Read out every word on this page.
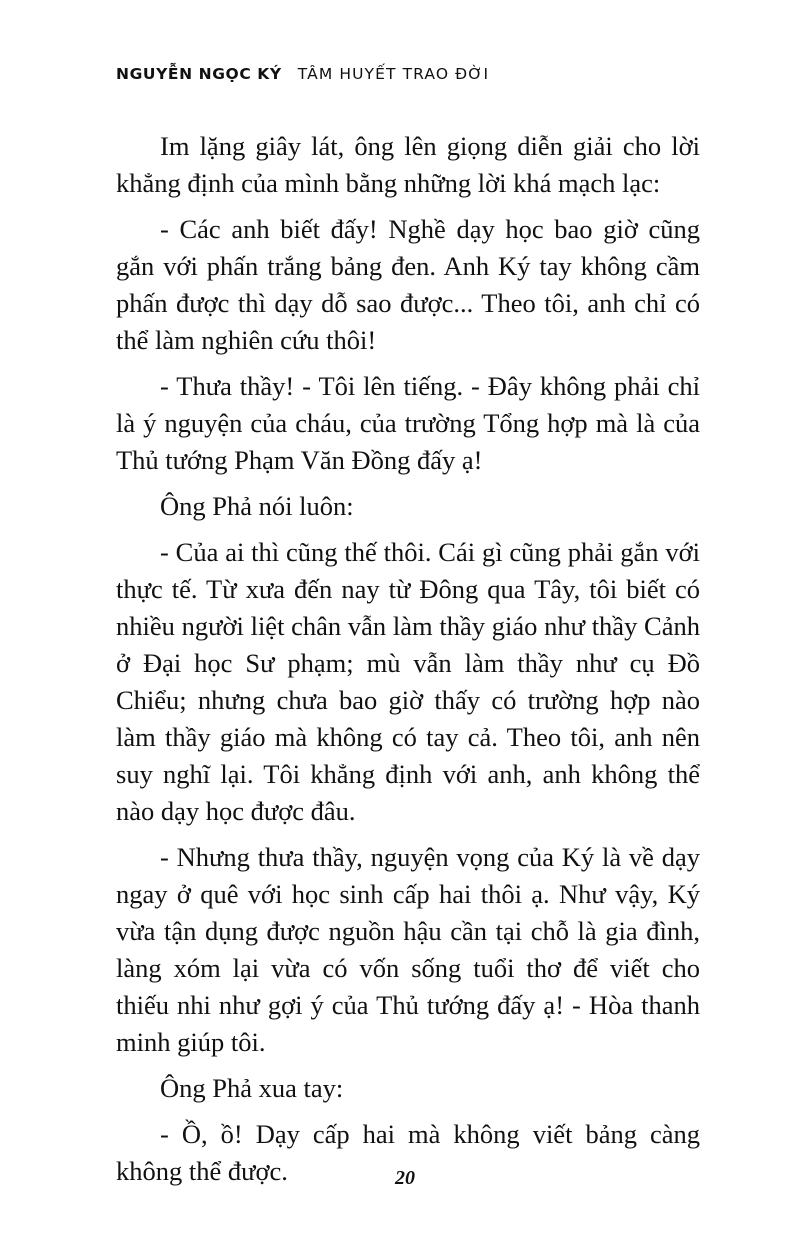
NGUYỄN NGỌC KÝ TÂM HUYẾT TRAO ĐỜI

Im lặng giây lát, ông lên giọng diễn giải cho lời khẳng định của mình bằng những lời khá mạch lạc:

- Các anh biết đấy! Nghề dạy học bao giờ cũng gắn với phấn trắng bảng đen. Anh Ký tay không cầm phấn được thì dạy dỗ sao được... Theo tôi, anh chỉ có thể làm nghiên cứu thôi!

- Thưa thầy! - Tôi lên tiếng. - Đây không phải chỉ là ý nguyện của cháu, của trường Tổng hợp mà là của Thủ tướng Phạm Văn Đồng đấy ạ!

Ông Phả nói luôn:

- Của ai thì cũng thế thôi. Cái gì cũng phải gắn với thực tế. Từ xưa đến nay từ Đông qua Tây, tôi biết có nhiều người liệt chân vẫn làm thầy giáo như thầy Cảnh ở Đại học Sư phạm; mù vẫn làm thầy như cụ Đồ Chiểu; nhưng chưa bao giờ thấy có trường hợp nào làm thầy giáo mà không có tay cả. Theo tôi, anh nên suy nghĩ lại. Tôi khẳng định với anh, anh không thể nào dạy học được đâu.

- Nhưng thưa thầy, nguyện vọng của Ký là về dạy ngay ở quê với học sinh cấp hai thôi ạ. Như vậy, Ký vừa tận dụng được nguồn hậu cần tại chỗ là gia đình, làng xóm lại vừa có vốn sống tuổi thơ để viết cho thiếu nhi như gợi ý của Thủ tướng đấy ạ! - Hòa thanh minh giúp tôi.

Ông Phả xua tay:

- Ồ, ồ! Dạy cấp hai mà không viết bảng càng không thể được.	20
